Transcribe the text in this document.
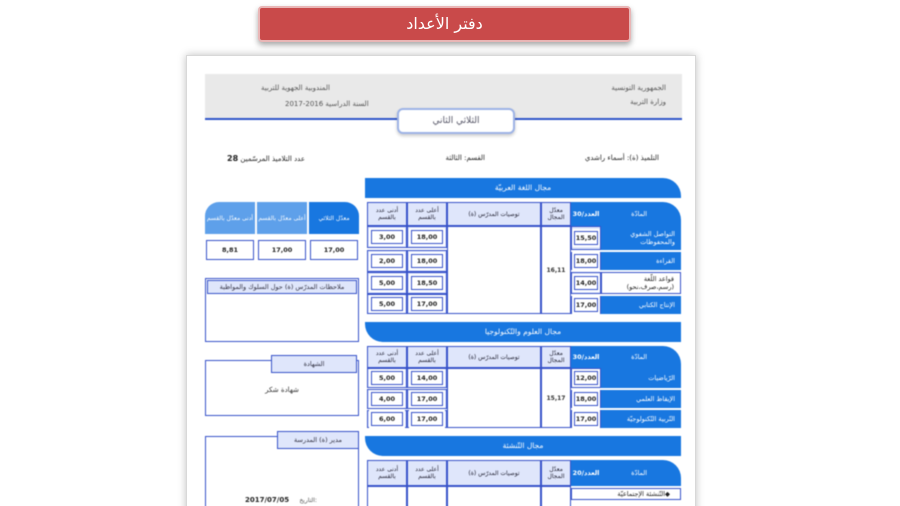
دفتر الأعداد
الجمهورية التونسية
وزارة التربية
المندوبية الجهوية للتربية
السنة الدراسية 2016-2017
الثلاثي الثاني
التلميذ (ة): أسماء راشدي
القسم: الثالثة
عدد التلاميذ المرسّمين 28
معدّل الثلاثي
أعلى معدّل بالقسم
أدنى معدّل بالقسم
17,00
17,00
8,81
ملاحظات المدرّس (ة) حول السلوك والمواظبة
الشهادة
شهادة شكر
مدير (ة) المدرسة
2017/07/05 التاريخ:
مجال اللغة العربيّة
المادّة
العدد/30
معدّل المجال
توصيات المدرّس (ة)
أعلى عدد بالقسم
أدنى عدد بالقسم
16,11
التواصل الشفوي والمحفوظات
15,50
18,00
3,00
القراءة
18,00
18,00
2,00
قواعد اللّغة (رسم،صرف،نحو)
14,00
18,50
5,00
الإنتاج الكتابي
17,00
17,00
5,00
مجال العلوم والتّكنولوجيا
المادّة
العدد/30
معدّل المجال
توصيات المدرّس (ة)
أعلى عدد بالقسم
أدنى عدد بالقسم
15,17
الرّياضيات
12,00
14,00
5,00
الإيقاظ العلمي
18,00
17,00
4,00
التّربية التّكنولوجيّة
17,00
17,00
6,00
مجال التّنشئة
المادّة
العدد/20
معدّل المجال
توصيات المدرّس (ة)
أعلى عدد بالقسم
أدنى عدد بالقسم
التّنشئة الإجتماعيّة ◆
